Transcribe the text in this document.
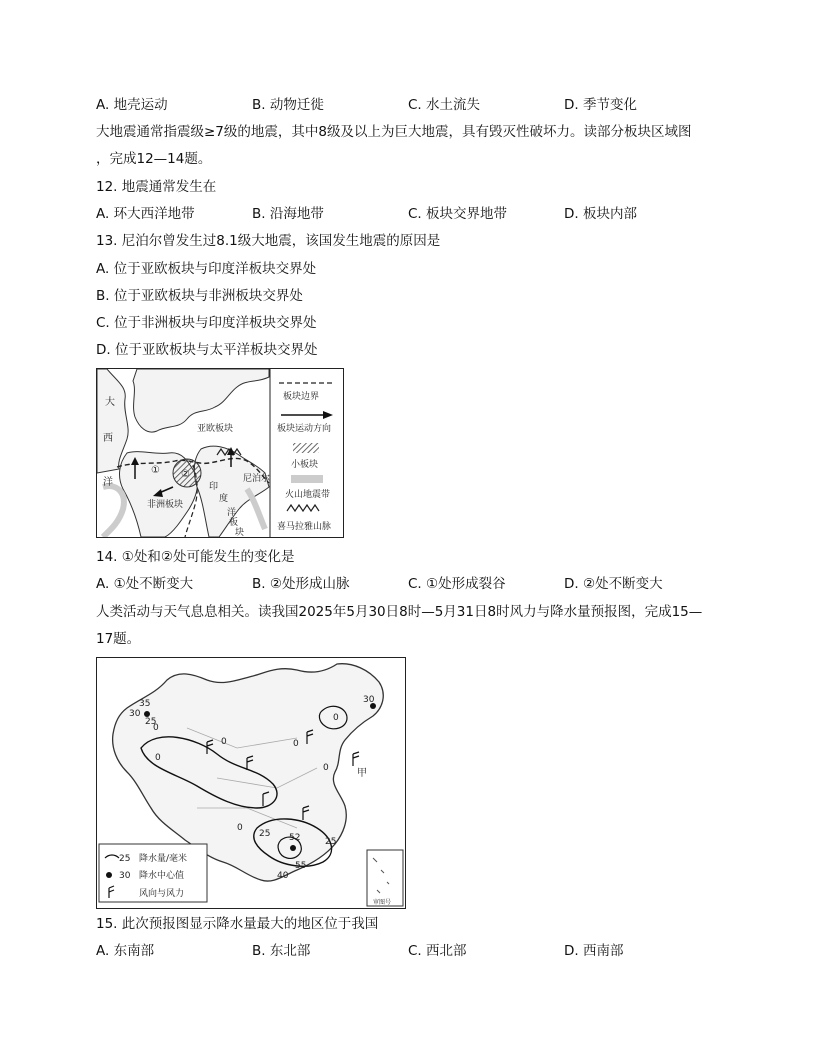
A. 地壳运动	B. 动物迁徙	C. 水土流失	D. 季节变化
大地震通常指震级≥7级的地震，其中8级及以上为巨大地震，具有毁灭性破坏力。读部分板块区域图
，完成12—14题。
12. 地震通常发生在
A. 环大西洋地带	B. 沿海地带	C. 板块交界地带	D. 板块内部
13. 尼泊尔曾发生过8.1级大地震，该国发生地震的原因是
A. 位于亚欧板块与印度洋板块交界处
B. 位于亚欧板块与非洲板块交界处
C. 位于非洲板块与印度洋板块交界处
D. 位于亚欧板块与太平洋板块交界处
大
西
洋
亚欧板块
非洲板块
尼泊尔
印
度
洋
板
块
① ②
板块边界
板块运动方向
小板块
火山地震带
喜马拉雅山脉
14. ①处和②处可能发生的变化是
A. ①处不断变大	B. ②处形成山脉	C. ①处形成裂谷	D. ②处不断变大
人类活动与天气息息相关。读我国2025年5月30日8时—5月31日8时风力与降水量预报图，完成15—
17题。
30
35
25
0
0
0	0
0
0
30
0
25
25
52
55
40
甲
25 降水量/毫米
30 降水中心值
风向与风力
审图号
15. 此次预报图显示降水量最大的地区位于我国
A. 东南部	B. 东北部	C. 西北部	D. 西南部
